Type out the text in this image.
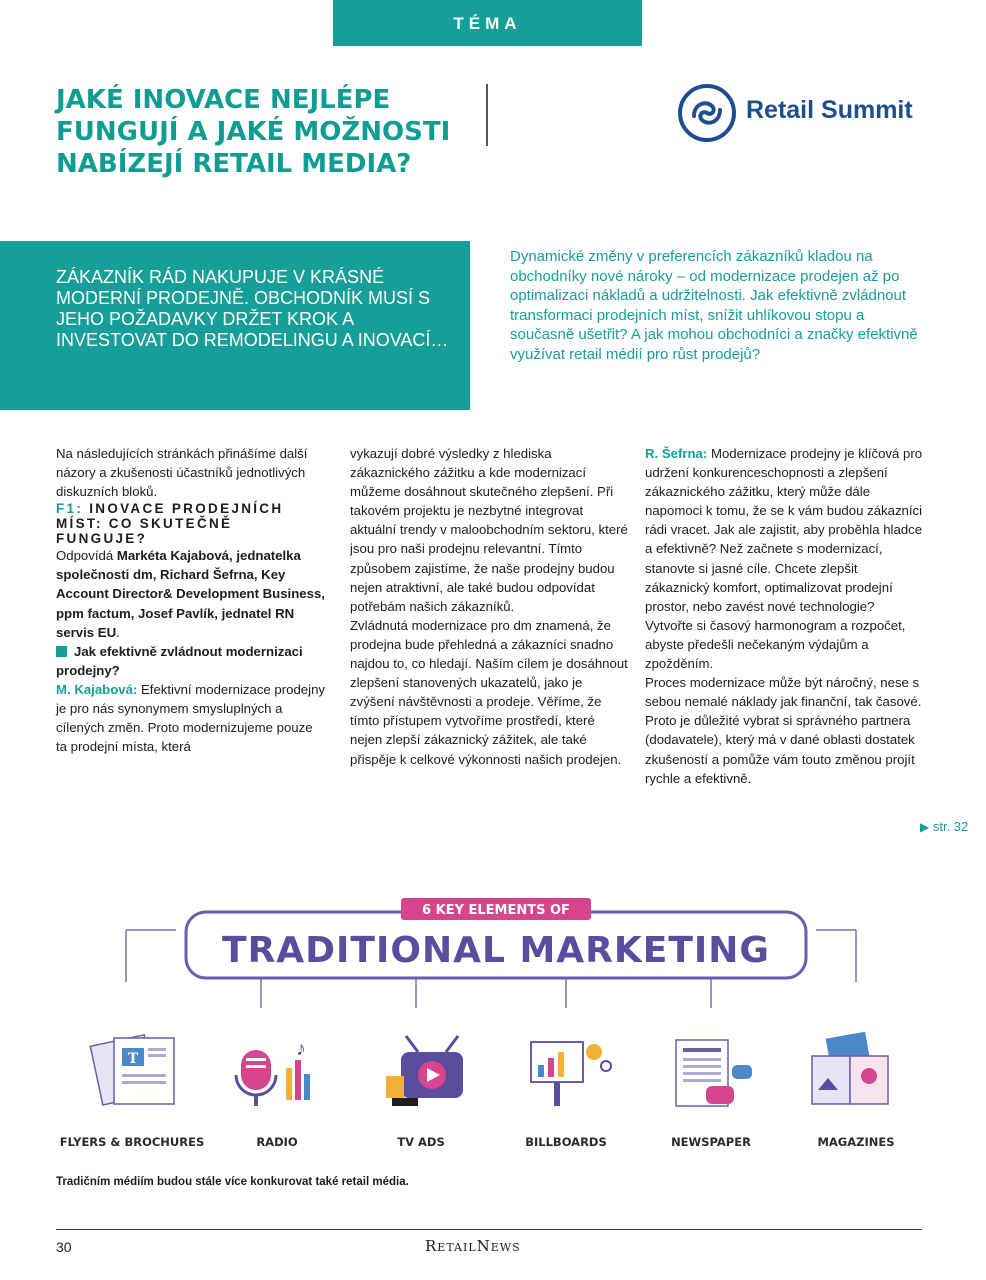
TÉMA
JAKÉ INOVACE NEJLÉPE FUNGUJÍ A JAKÉ MOŽNOSTI NABÍZEJÍ RETAIL MEDIA?
Retail Summit

ZÁKAZNÍK RÁD NAKUPUJE V KRÁSNÉ MODERNÍ PRODEJNĚ. OBCHODNÍK MUSÍ S JEHO POŽADAVKY DRŽET KROK A INVESTOVAT DO REMODELINGU A INOVACÍ…

Dynamické změny v preferencích zákazníků kladou na obchodníky nové nároky – od modernizace prodejen až po optimalizaci nákladů a udržitelnosti. Jak efektivně zvládnout transformaci prodejních míst, snížit uhlíkovou stopu a současně ušetřit? A jak mohou obchodníci a značky efektivně využívat retail médií pro růst prodejů?

Na následujících stránkách přinášíme další názory a zkušenosti účastníků jednotlivých diskuzních bloků.

F1: INOVACE PRODEJNÍCH MÍST: CO SKUTEČNĚ FUNGUJE?

Odpovídá Markéta Kajabová, jednatelka společnosti dm, Richard Šefrna, Key Account Director& Development Business, ppm factum, Josef Pavlík, jednatel RN servis EU.

Jak efektivně zvládnout modernizaci prodejny?

M. Kajabová: Efektivní modernizace prodejny je pro nás synonymem smysluplných a cílených změn. Proto modernizujeme pouze ta prodejní místa, která

vykazují dobré výsledky z hlediska zákaznického zážitku a kde modernizací můžeme dosáhnout skutečného zlepšení. Při takovém projektu je nezbytné integrovat aktuální trendy v maloobchodním sektoru, které jsou pro naši prodejnu relevantní. Tímto způsobem zajistíme, že naše prodejny budou nejen atraktivní, ale také budou odpovídat potřebám našich zákazníků.

Zvládnutá modernizace pro dm znamená, že prodejna bude přehledná a zákazníci snadno najdou to, co hledají. Naším cílem je dosáhnout zlepšení stanovených ukazatelů, jako je zvýšení návštěvnosti a prodeje. Věříme, že tímto přístupem vytvoříme prostředí, které nejen zlepší zákaznický zážitek, ale také přispěje k celkové výkonnosti našich prodejen.

R. Šefrna: Modernizace prodejny je klíčová pro udržení konkurenceschopnosti a zlepšení zákaznického zážitku, který může dále napomoci k tomu, že se k vám budou zákazníci rádi vracet. Jak ale zajistit, aby proběhla hladce a efektivně? Než začnete s modernizací, stanovte si jasné cíle. Chcete zlepšit zákaznický komfort, optimalizovat prodejní prostor, nebo zavést nové technologie? Vytvořte si časový harmonogram a rozpočet, abyste předešli nečekaným výdajům a zpožděním.

Proces modernizace může být náročný, nese s sebou nemalé náklady jak finanční, tak časové. Proto je důležité vybrat si správného partnera (dodavatele), který má v dané oblasti dostatek zkušeností a pomůže vám touto změnou projít rychle a efektivně.

▶ str. 32
6 KEY ELEMENTS OF
TRADITIONAL MARKETING
T	♪
FLYERS & BROCHURES	RADIO	TV ADS	BILLBOARDS	NEWSPAPER	MAGAZINES

Tradičním médiím budou stále více konkurovat také retail média.

30	RetailNews
